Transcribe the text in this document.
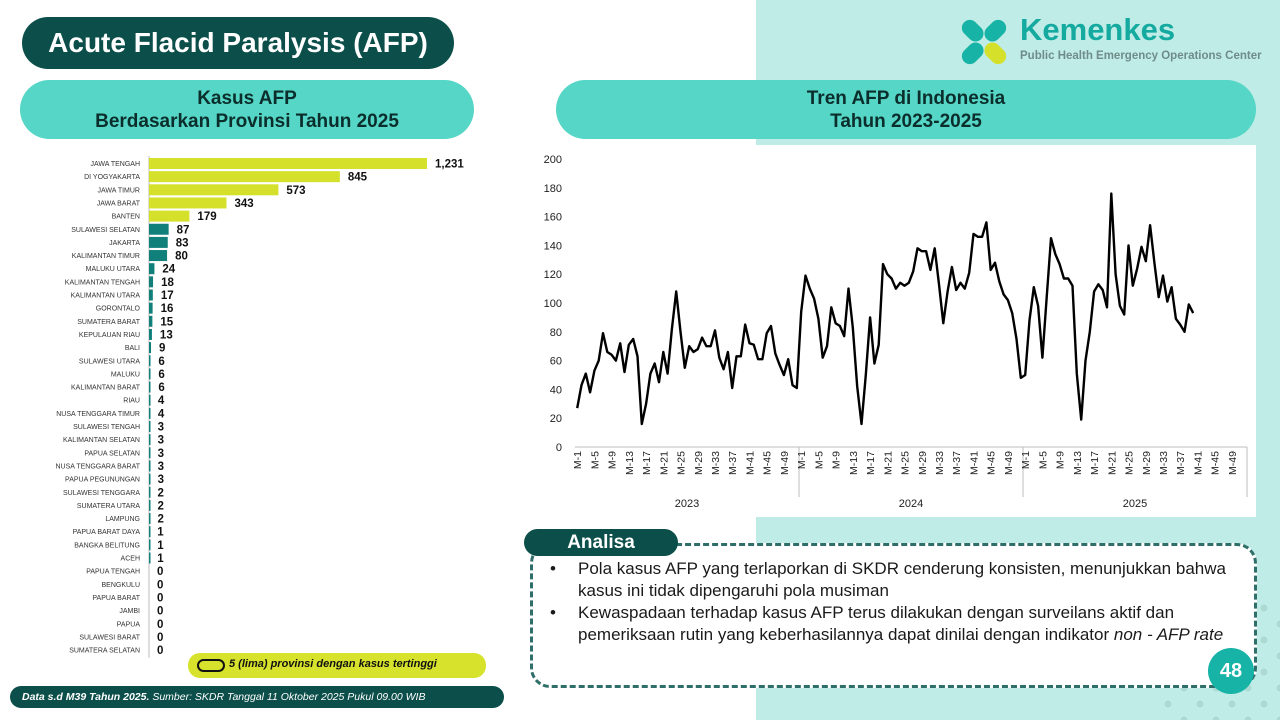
Acute Flacid Paralysis (AFP)	Kemenkes
Public Health Emergency Operations Center
Kasus AFP
Berdasarkan Provinsi Tahun 2025
Tren AFP di Indonesia
Tahun 2023-2025
JAWA TENGAH	1,231
DI YOGYAKARTA	845
JAWA TIMUR	573
JAWA BARAT	343
BANTEN	179
SULAWESI SELATAN	87
JAKARTA	83
KALIMANTAN TIMUR	80
MALUKU UTARA 24
KALIMANTAN TENGAH 18
KALIMANTAN UTARA 17
GORONTALO 16
SUMATERA BARAT 15
KEPULAUAN RIAU 13
BALI 9
SULAWESI UTARA 6
MALUKU 6
KALIMANTAN BARAT 6
RIAU 4
NUSA TENGGARA TIMUR 4
SULAWESI TENGAH 3
KALIMANTAN SELATAN 3
PAPUA SELATAN 3
NUSA TENGGARA BARAT 3
PAPUA PEGUNUNGAN 3
SULAWESI TENGGARA 2
SUMATERA UTARA 2
LAMPUNG 2
PAPUA BARAT DAYA 1
BANGKA BELITUNG 1
ACEH 1
PAPUA TENGAH 0
BENGKULU 0
PAPUA BARAT 0
JAMBI 0
PAPUA 0
SULAWESI BARAT 0
SUMATERA SELATAN 0
0
20
40
60
80
100
120
140
160
180
200
M-1 M-5 M-9 M-13 M-17 M-21 M-25 M-29 M-33 M-37 M-41 M-45 M-49
2023
M-1 M-5 M-9 M-13 M-17 M-21 M-25 M-29 M-33 M-37 M-41 M-45 M-49
2024
M-1 M-5 M-9 M-13 M-17 M-21 M-25 M-29 M-33 M-37 M-41 M-45 M-49
2025
5 (lima) provinsi dengan kasus tertinggi
Data s.d M39 Tahun 2025. Sumber: SKDR Tanggal 11 Oktober 2025 Pukul 09.00 WIB
Analisa
• Pola kasus AFP yang terlaporkan di SKDR cenderung konsisten, menunjukkan bahwa kasus ini tidak dipengaruhi pola musiman
• Kewaspadaan terhadap kasus AFP terus dilakukan dengan surveilans aktif dan pemeriksaan rutin yang keberhasilannya dapat dinilai dengan indikator non - AFP rate
48
